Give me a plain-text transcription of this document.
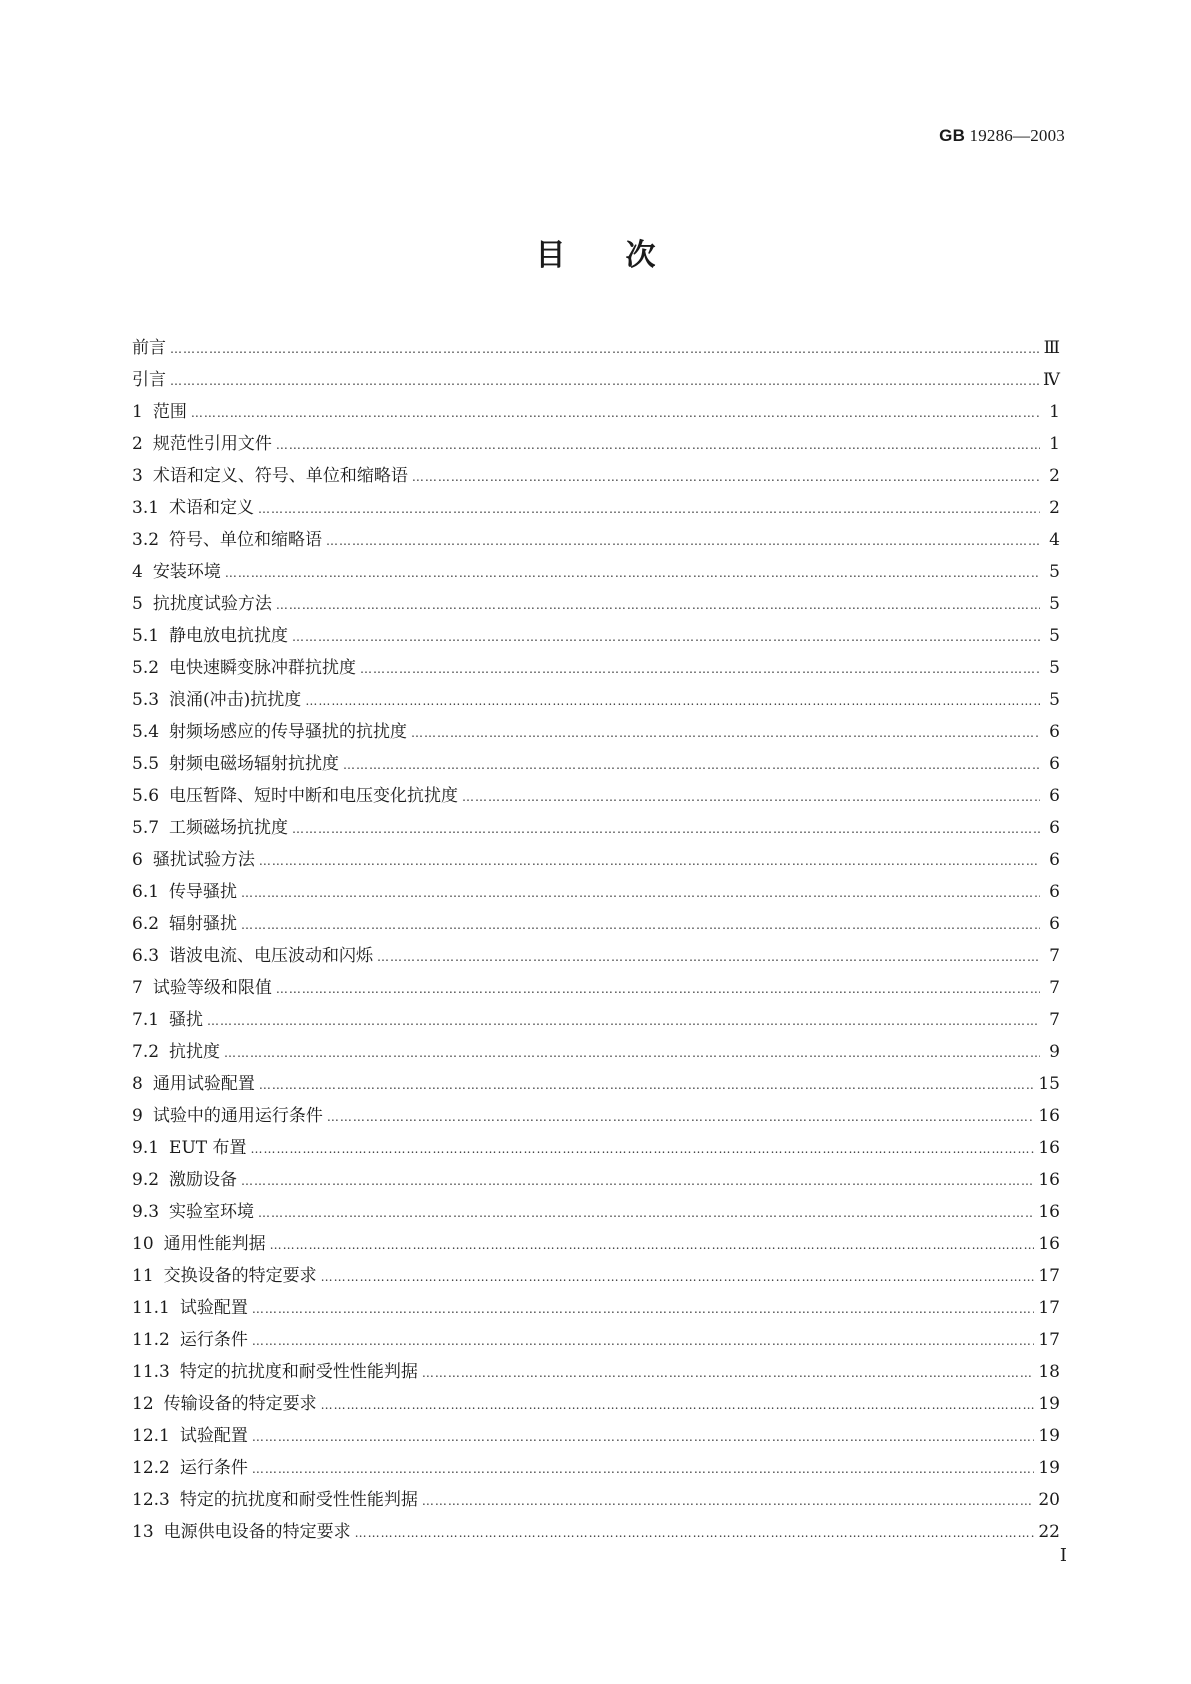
GB 19286—2003
目次
前言 ………………………………………………………………………………………………………………………………………………………………………………………………………………………………………………………………………	Ⅲ
引言 ………………………………………………………………………………………………………………………………………………………………………………………………………………………………………………………………………	Ⅳ
1 范围 ………………………………………………………………………………………………………………………………………………………………………………………………………………………………………………………………………	1
2 规范性引用文件 ………………………………………………………………………………………………………………………………………………………………………………………………………………………………………………………………………	1
3 术语和定义、符号、单位和缩略语 ………………………………………………………………………………………………………………………………………………………………………………………………………………………………………………………………………	2
3.1 术语和定义 ………………………………………………………………………………………………………………………………………………………………………………………………………………………………………………………………………	2
3.2 符号、单位和缩略语 ………………………………………………………………………………………………………………………………………………………………………………………………………………………………………………………………………	4
4 安装环境 ………………………………………………………………………………………………………………………………………………………………………………………………………………………………………………………………………	5
5 抗扰度试验方法 ………………………………………………………………………………………………………………………………………………………………………………………………………………………………………………………………………	5
5.1 静电放电抗扰度 ………………………………………………………………………………………………………………………………………………………………………………………………………………………………………………………………………	5
5.2 电快速瞬变脉冲群抗扰度 ………………………………………………………………………………………………………………………………………………………………………………………………………………………………………………………………………	5
5.3 浪涌(冲击)抗扰度 ………………………………………………………………………………………………………………………………………………………………………………………………………………………………………………………………………	5
5.4 射频场感应的传导骚扰的抗扰度 ………………………………………………………………………………………………………………………………………………………………………………………………………………………………………………………………………	6
5.5 射频电磁场辐射抗扰度 ………………………………………………………………………………………………………………………………………………………………………………………………………………………………………………………………………	6
5.6 电压暂降、短时中断和电压变化抗扰度 ………………………………………………………………………………………………………………………………………………………………………………………………………………………………………………………………………	6
5.7 工频磁场抗扰度 ………………………………………………………………………………………………………………………………………………………………………………………………………………………………………………………………………	6
6 骚扰试验方法 ………………………………………………………………………………………………………………………………………………………………………………………………………………………………………………………………………	6
6.1 传导骚扰 ………………………………………………………………………………………………………………………………………………………………………………………………………………………………………………………………………	6
6.2 辐射骚扰 ………………………………………………………………………………………………………………………………………………………………………………………………………………………………………………………………………	6
6.3 谐波电流、电压波动和闪烁 ………………………………………………………………………………………………………………………………………………………………………………………………………………………………………………………………………	7
7 试验等级和限值 ………………………………………………………………………………………………………………………………………………………………………………………………………………………………………………………………………	7
7.1 骚扰 ………………………………………………………………………………………………………………………………………………………………………………………………………………………………………………………………………	7
7.2 抗扰度 ………………………………………………………………………………………………………………………………………………………………………………………………………………………………………………………………………	9
8 通用试验配置 ………………………………………………………………………………………………………………………………………………………………………………………………………………………………………………………………………	15
9 试验中的通用运行条件 ………………………………………………………………………………………………………………………………………………………………………………………………………………………………………………………………………	16
9.1 EUT 布置 ………………………………………………………………………………………………………………………………………………………………………………………………………………………………………………………………………	16
9.2 激励设备 ………………………………………………………………………………………………………………………………………………………………………………………………………………………………………………………………………	16
9.3 实验室环境 ………………………………………………………………………………………………………………………………………………………………………………………………………………………………………………………………………	16
10 通用性能判据 ………………………………………………………………………………………………………………………………………………………………………………………………………………………………………………………………………	16
11 交换设备的特定要求 ………………………………………………………………………………………………………………………………………………………………………………………………………………………………………………………………………	17
11.1 试验配置 ………………………………………………………………………………………………………………………………………………………………………………………………………………………………………………………………………	17
11.2 运行条件 ………………………………………………………………………………………………………………………………………………………………………………………………………………………………………………………………………	17
11.3 特定的抗扰度和耐受性性能判据 ………………………………………………………………………………………………………………………………………………………………………………………………………………………………………………………………………	18
12 传输设备的特定要求 ………………………………………………………………………………………………………………………………………………………………………………………………………………………………………………………………………	19
12.1 试验配置 ………………………………………………………………………………………………………………………………………………………………………………………………………………………………………………………………………	19
12.2 运行条件 ………………………………………………………………………………………………………………………………………………………………………………………………………………………………………………………………………	19
12.3 特定的抗扰度和耐受性性能判据 ………………………………………………………………………………………………………………………………………………………………………………………………………………………………………………………………………	20
13 电源供电设备的特定要求 ………………………………………………………………………………………………………………………………………………………………………………………………………………………………………………………………………	22
I
